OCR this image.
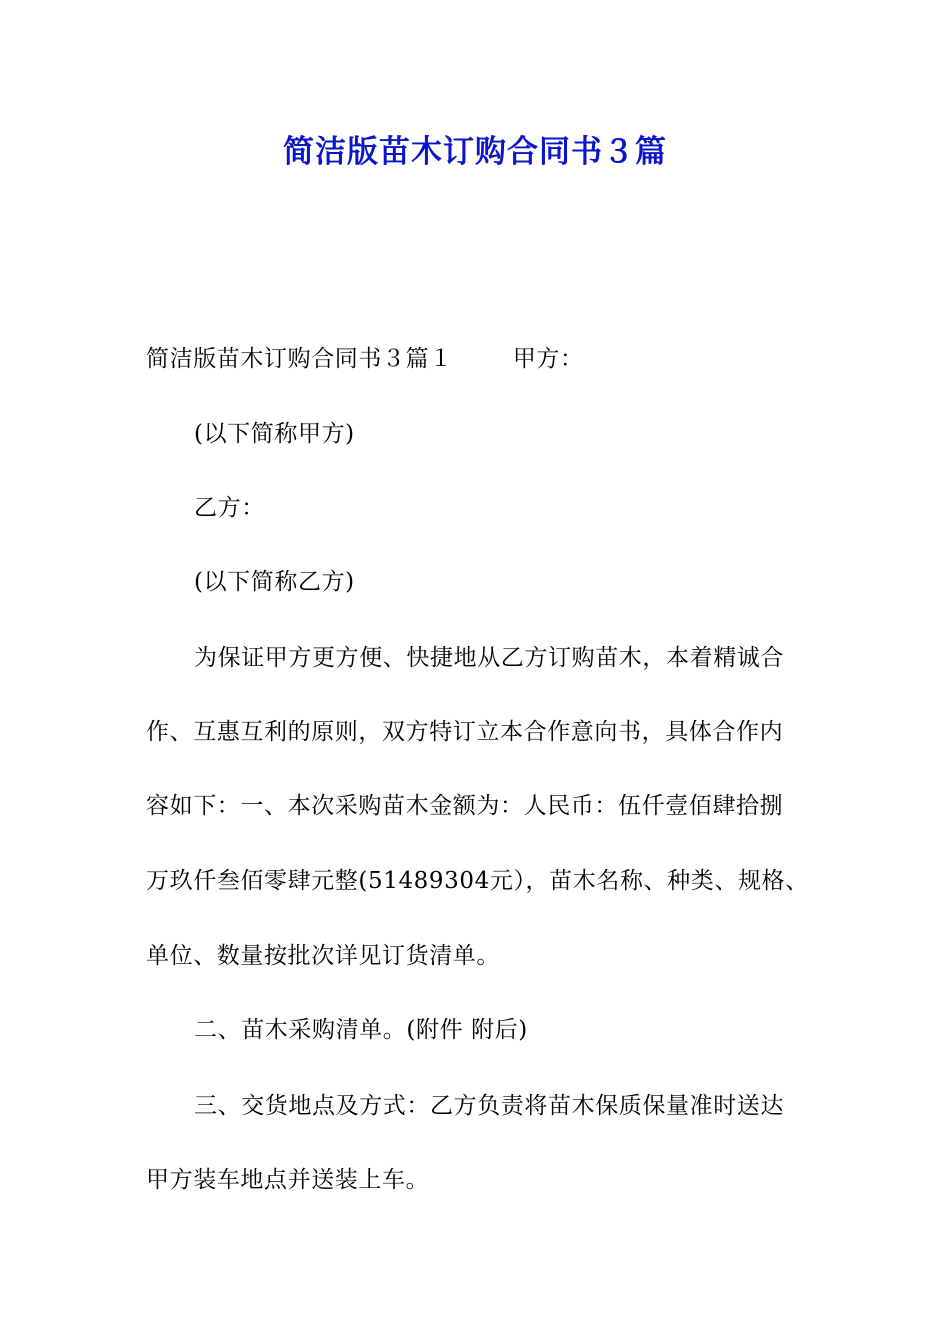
简洁版苗木订购合同书３篇
简洁版苗木订购合同书３篇１	甲方：
(以下简称甲方)
乙方：
(以下简称乙方)
为保证甲方更方便、快捷地从乙方订购苗木，本着精诚合
作、互惠互利的原则，双方特订立本合作意向书，具体合作内
容如下：一、本次采购苗木金额为：人民币：伍仟壹佰肆拾捌
万玖仟叁佰零肆元整(51489304元），苗木名称、种类、规格、
单位、数量按批次详见订货清单。
二、苗木采购清单。(附件 附后)
三、交货地点及方式：乙方负责将苗木保质保量准时送达
甲方装车地点并送装上车。
